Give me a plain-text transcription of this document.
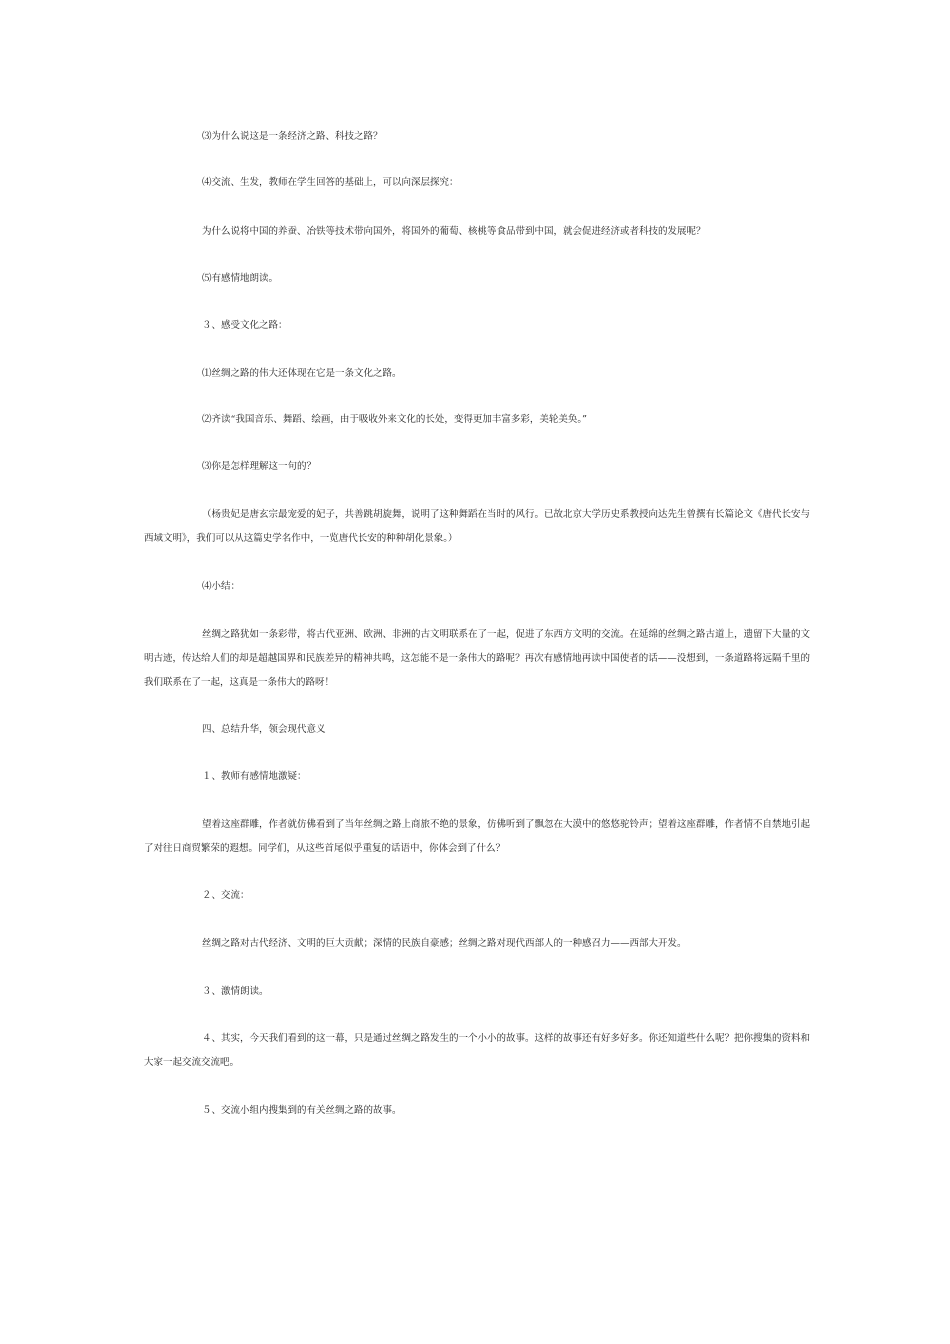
⑶为什么说这是一条经济之路、科技之路？

⑷交流、生发，教师在学生回答的基础上，可以向深层探究：

为什么说将中国的养蚕、冶铁等技术带向国外，将国外的葡萄、核桃等食品带到中国，就会促进经济或者科技的发展呢？

⑸有感情地朗读。

３、感受文化之路：

⑴丝绸之路的伟大还体现在它是一条文化之路。

⑵齐读“我国音乐、舞蹈、绘画，由于吸收外来文化的长处，变得更加丰富多彩，美轮美奂。”

⑶你是怎样理解这一句的？

（杨贵妃是唐玄宗最宠爱的妃子，共善跳胡旋舞，说明了这种舞蹈在当时的风行。已故北京大学历史系教授向达先生曾撰有长篇论文《唐代长安与西域文明》，我们可以从这篇史学名作中，一览唐代长安的种种胡化景象。）

⑷小结：

丝绸之路犹如一条彩带，将古代亚洲、欧洲、非洲的古文明联系在了一起，促进了东西方文明的交流。在延绵的丝绸之路古道上，遗留下大量的文明古迹，传达给人们的却是超越国界和民族差异的精神共鸣，这怎能不是一条伟大的路呢？再次有感情地再读中国使者的话——没想到，一条道路将远隔千里的我们联系在了一起，这真是一条伟大的路呀！

四、总结升华，领会现代意义

１、教师有感情地激疑：

望着这座群雕，作者就仿佛看到了当年丝绸之路上商旅不绝的景象，仿佛听到了飘忽在大漠中的悠悠驼铃声；望着这座群雕，作者情不自禁地引起了对往日商贸繁荣的遐想。同学们，从这些首尾似乎重复的话语中，你体会到了什么？

２、交流：

丝绸之路对古代经济、文明的巨大贡献；深情的民族自豪感；丝绸之路对现代西部人的一种感召力——西部大开发。

３、激情朗读。

４、其实，今天我们看到的这一幕，只是通过丝绸之路发生的一个小小的故事。这样的故事还有好多好多。你还知道些什么呢？把你搜集的资料和大家一起交流交流吧。

５、交流小组内搜集到的有关丝绸之路的故事。
